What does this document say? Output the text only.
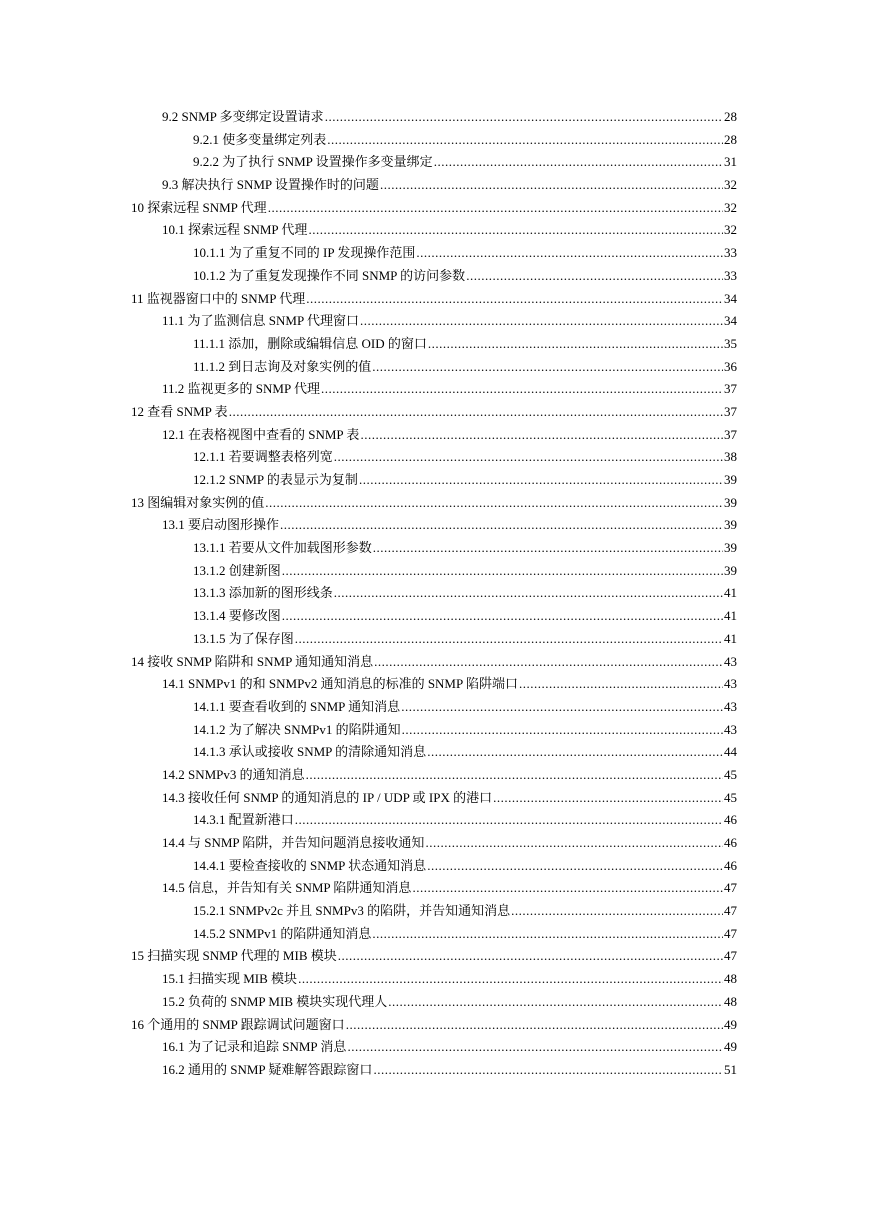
9.2 SNMP 多变绑定设置请求 .....	28
9.2.1 使多变量绑定列表 .....	28
9.2.2 为了执行 SNMP 设置操作多变量绑定 .....	31
9.3 解决执行 SNMP 设置操作时的问题 .....	32
10 探索远程 SNMP 代理 .....	32
10.1 探索远程 SNMP 代理 .....	32
10.1.1 为了重复不同的 IP 发现操作范围 .....	33
10.1.2 为了重复发现操作不同 SNMP 的访问参数 .....	33
11 监视器窗口中的 SNMP 代理 .....	34
11.1 为了监测信息 SNMP 代理窗口 .....	34
11.1.1 添加，删除或编辑信息 OID 的窗口 .....	35
11.1.2 到日志询及对象实例的值 .....	36
11.2 监视更多的 SNMP 代理 .....	37
12 查看 SNMP 表 .....	37
12.1 在表格视图中查看的 SNMP 表 .....	37
12.1.1 若要调整表格列宽 .....	38
12.1.2 SNMP 的表显示为复制 .....	39
13 图编辑对象实例的值 .....	39
13.1 要启动图形操作 .....	39
13.1.1 若要从文件加载图形参数 .....	39
13.1.2 创建新图 .....	39
13.1.3 添加新的图形线条 .....	41
13.1.4 要修改图 .....	41
13.1.5 为了保存图 .....	41
14 接收 SNMP 陷阱和 SNMP 通知通知消息 .....	43
14.1 SNMPv1 的和 SNMPv2 通知消息的标准的 SNMP 陷阱端口 .....	43
14.1.1 要查看收到的 SNMP 通知消息 .....	43
14.1.2 为了解决 SNMPv1 的陷阱通知 .....	43
14.1.3 承认或接收 SNMP 的清除通知消息 .....	44
14.2 SNMPv3 的通知消息 .....	45
14.3 接收任何 SNMP 的通知消息的 IP / UDP 或 IPX 的港口 .....	45
14.3.1 配置新港口 .....	46
14.4 与 SNMP 陷阱，并告知问题消息接收通知 .....	46
14.4.1 要检查接收的 SNMP 状态通知消息 .....	46
14.5 信息，并告知有关 SNMP 陷阱通知消息 .....	47
15.2.1 SNMPv2c 并且 SNMPv3 的陷阱，并告知通知消息 .....	47
14.5.2 SNMPv1 的陷阱通知消息 .....	47
15 扫描实现 SNMP 代理的 MIB 模块 .....	47
15.1 扫描实现 MIB 模块 .....	48
15.2 负荷的 SNMP MIB 模块实现代理人 .....	48
16 个通用的 SNMP 跟踪调试问题窗口 .....	49
16.1 为了记录和追踪 SNMP 消息 .....	49
16.2 通用的 SNMP 疑难解答跟踪窗口 .....	51
